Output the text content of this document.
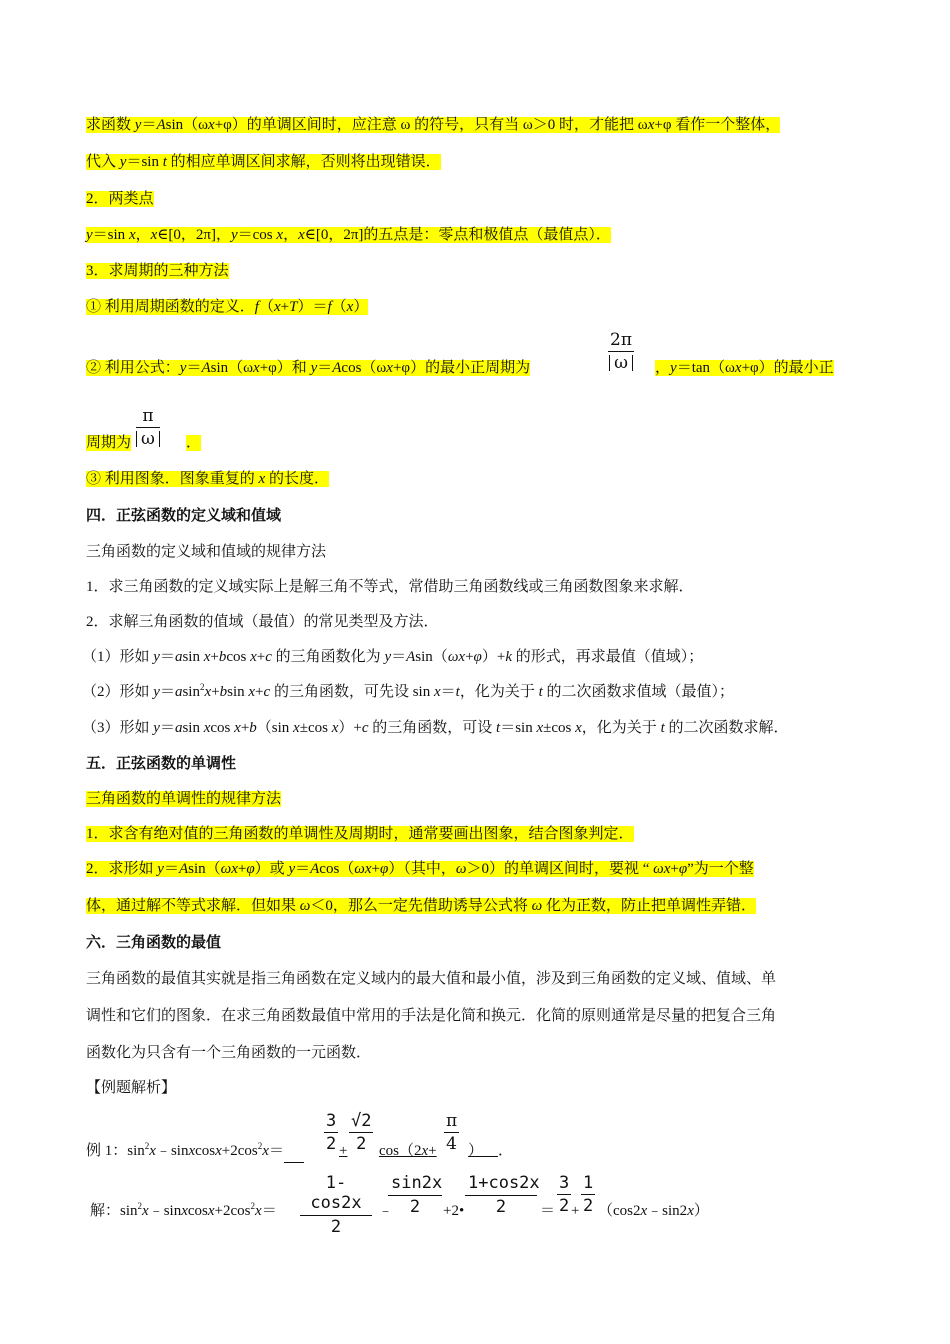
求函数 y＝Asin（ωx+φ）的单调区间时，应注意 ω 的符号，只有当 ω＞0 时，才能把 ωx+φ 看作一个整体，
代入 y＝sin t 的相应单调区间求解，否则将出现错误．
2．两类点
y＝sin x，x∈[0，2π]，y＝cos x，x∈[0，2π]的五点是：零点和极值点（最值点）．
3．求周期的三种方法
① 利用周期函数的定义．f（x+T）＝f（x）
② 利用公式：y＝Asin（ωx+φ）和 y＝Acos（ωx+φ）的最小正周期为	$\frac{2\pi}{\omega}$ ，y＝tan（ωx+φ）的最小正
周期为 $\frac{\pi}{\omega}$ ．
③ 利用图象．图象重复的 x 的长度．
四．正弦函数的定义域和值域
三角函数的定义域和值域的规律方法
1．求三角函数的定义域实际上是解三角不等式，常借助三角函数线或三角函数图象来求解．
2．求解三角函数的值域（最值）的常见类型及方法．
（1）形如 y＝asin x+bcos x+c 的三角函数化为 y＝Asin（ωx+φ）+k 的形式，再求最值（值域）；
（2）形如 y＝asin$^2$x+bsin x+c 的三角函数，可先设 sin x＝t，化为关于 t 的二次函数求值域（最值）；
（3）形如 y＝asin xcos x+b（sin x±cos x）+c 的三角函数，可设 t＝sin x±cos x，化为关于 t 的二次函数求解．
五．正弦函数的单调性
三角函数的单调性的规律方法
1．求含有绝对值的三角函数的单调性及周期时，通常要画出图象，结合图象判定．
2．求形如 y＝Asin（ωx+φ）或 y＝Acos（ωx+φ）（其中，ω＞0）的单调区间时，要视 “ ωx+φ”为一个整
体，通过解不等式求解．但如果 ω＜0，那么一定先借助诱导公式将 ω 化为正数，防止把单调性弄错．
六．三角函数的最值
三角函数的最值其实就是指三角函数在定义域内的最大值和最小值，涉及到三角函数的定义域、值域、单
调性和它们的图象．在求三角函数最值中常用的手法是化简和换元．化简的原则通常是尽量的把复合三角
函数化为只含有一个三角函数的一元函数．
【例题解析】
例 1：$\sin^2x﹣sinxcosx+2\cos^2x=$	$\frac{3}{2} + \frac{√2}{2} \cos(2x+ \frac{\pi}{4}$ ） ．
解：$\sin^2x﹣sinxcosx+2\cos^2x= \frac{1-\cos 2x}{2}$ ﹣
$\frac{\sin 2x}{2}$ +2• $\frac{1+\cos 2x}{2} = \frac{3}{2} + \frac{1}{2}$ （cos2x﹣sin2x）
